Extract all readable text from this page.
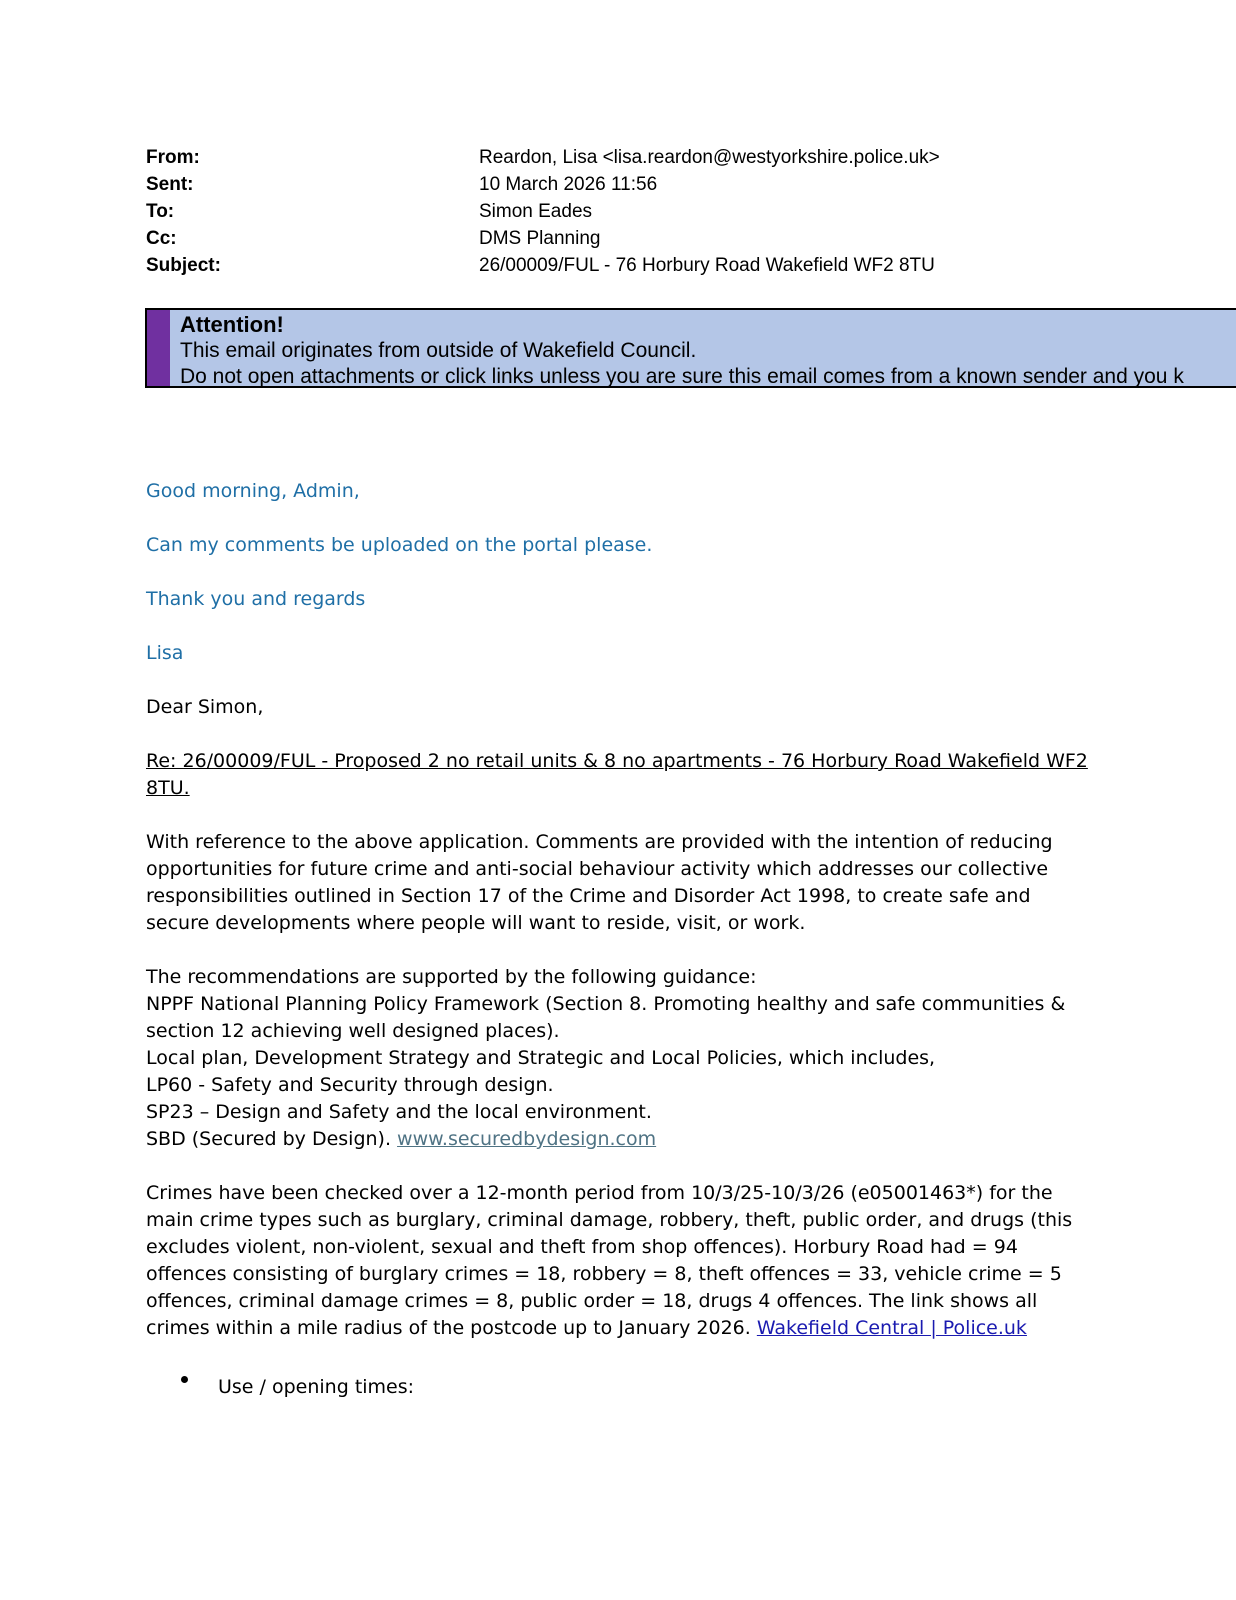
From:	Reardon, Lisa <lisa.reardon@westyorkshire.police.uk>
Sent:	10 March 2026 11:56
To:	Simon Eades
Cc:	DMS Planning
Subject:	26/00009/FUL - 76 Horbury Road Wakefield WF2 8TU
Attention!
This email originates from outside of Wakefield Council.
Do not open attachments or click links unless you are sure this email comes from a known sender and you k

Good morning, Admin,

Can my comments be uploaded on the portal please.

Thank you and regards

Lisa

Dear Simon,

Re: 26/00009/FUL - Proposed 2 no retail units & 8 no apartments - 76 Horbury Road Wakefield WF2 8TU.

With reference to the above application. Comments are provided with the intention of reducing opportunities for future crime and anti-social behaviour activity which addresses our collective responsibilities outlined in Section 17 of the Crime and Disorder Act 1998, to create safe and secure developments where people will want to reside, visit, or work.

The recommendations are supported by the following guidance:

NPPF National Planning Policy Framework (Section 8. Promoting healthy and safe communities & section 12 achieving well designed places).

Local plan, Development Strategy and Strategic and Local Policies, which includes,

LP60 - Safety and Security through design.

SP23 – Design and Safety and the local environment.

SBD (Secured by Design). www.securedbydesign.com

Crimes have been checked over a 12-month period from 10/3/25-10/3/26 (e05001463*) for the main crime types such as burglary, criminal damage, robbery, theft, public order, and drugs (this excludes violent, non-violent, sexual and theft from shop offences). Horbury Road had = 94 offences consisting of burglary crimes = 18, robbery = 8, theft offences = 33, vehicle crime = 5 offences, criminal damage crimes = 8, public order = 18, drugs 4 offences. The link shows all crimes within a mile radius of the postcode up to January 2026. Wakefield Central | Police.uk

Use / opening times:
